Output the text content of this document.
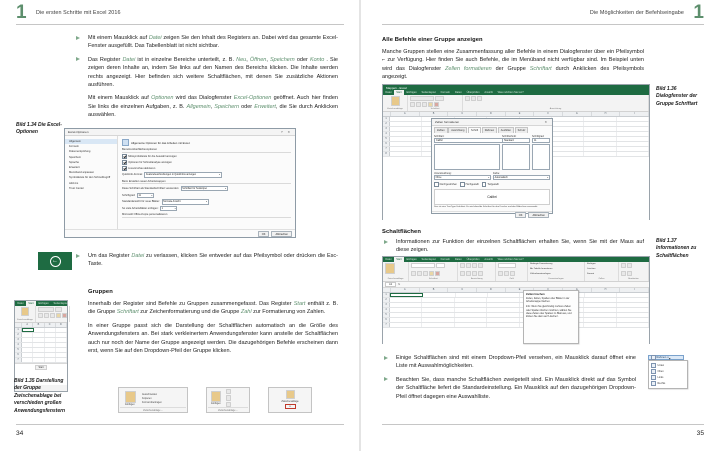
1 Die ersten Schritte mit Excel 2016

Mit einem Mausklick auf Datei zeigen Sie den Inhalt des Registers an. Dabei wird das gesamte Excel-Fenster ausgefüllt. Das Tabellenblatt ist nicht sichtbar.

Das Register Datei ist in einzelne Bereiche unterteilt, z. B. Neu, Öffnen, Speichern oder Konto . Sie zeigen deren Inhalte an, indem Sie links auf den Namen des Bereichs klicken. Die Inhalte werden rechts angezeigt. Hier befinden sich weitere Schaltflächen, mit denen Sie zusätzliche Aktionen ausführen.

Mit einem Mausklick auf Optionen wird das Dialogfenster Excel-Optionen geöffnet. Auch hier finden Sie links die einzelnen Aufgaben, z. B. Allgemein, Speichern oder Erweitert, die Sie durch Anklicken auswählen.

Bild 1.34 Die Excel-Optionen	Excel-Optionen	? ✕
Allgemein
Formeln
Dokumentprüfung
Speichern
Sprache
Erweitert
Menüband anpassen
Symbolleiste für den Schnellzugriff
Add-Ins
Trust Center
Allgemeine Optionen für das Arbeiten mit Excel.
Benutzeroberflächenoptionen
Minisymbolleiste für die Auswahl anzeigen
Optionen für Schnellanalyse anzeigen
Livevorschau aktivieren
QuickInfo-Format: Featurebeschreibungen in QuickInfos anzeigen	▾
Beim Erstellen neuer Arbeitsmappen
Diese Schriftart als Standardschriftart verwenden: Schriftart für Textkörper	▾
Schriftgrad: 11	▾
Standardansicht für neue Blätter: Normale Ansicht	▾
So viele Arbeitsblätter einfügen: 1	▾
Microsoft Office-Kopie personalisieren
OK	Abbrechen
←

Um das Register Datei zu verlassen, klicken Sie entweder auf das Pfeilsymbol oder drücken die Esc-Taste.

Gruppen

Innerhalb der Register sind Befehle zu Gruppen zusammengefasst. Das Register Start enthält z. B. die Gruppe Schriftart zur Zeichenformatierung und die Gruppe Zahl zur Formatierung von Zahlen.

In einer Gruppe passt sich die Darstellung der Schaltflächen automatisch an die Größe des Anwendungsfensters an. Bei stark verkleinertem Anwendungsfenster kann anstelle der Schaltflächen auch nur noch der Name der Gruppe angezeigt werden. Die dazugehörigen Befehle erscheinen dann erst, wenn Sie auf den Dropdown-Pfeil der Gruppe klicken.

Datei	Start	Einfügen	Seitenlayout
Zwischenablage

A	B	C	D
1
2
3
4
5
6
7
Start
Bild 1.35 Darstellung der Gruppe Zwischenablage bei verschieden großen Anwendungsfenstern
Einfügen
Ausschneiden
Kopieren
Format übertragen
Zwischenablage ⌐
Einfügen
Zwischenablage ⌐
Zwischenablage
▾
34
1
Die Möglichkeiten der Befehlseingabe
Alle Befehle einer Gruppe anzeigen

Manche Gruppen stellen eine Zusammenfassung aller Befehle in einem Dialogfenster über ein Pfeilsymbol ⌐ zur Verfügung. Hier finden Sie auch Befehle, die im Menüband nicht verfügbar sind. Im Beispiel unten wird das Dialogfenster Zellen formatieren der Gruppe Schriftart durch Anklicken des Pfeilsymbols angezeigt.

Bild 1.36 Dialogfenster der Gruppe Schriftart
Mappe1 - Excel
Datei	Start	Einfügen	Seitenlayout	Formeln	Daten	Überprüfen	Ansicht	Was möchten Sie tun?
Zwischenablage	Schriftart	Ausrichtung
A	B	C	D	E	F	G	H	I
1
2
3
4
5
6
7
8
Zellen formatieren	✕
Zahlen	Ausrichtung	Schrift	Rahmen	Ausfüllen	Schutz
Schriftart:
Calibri
Schriftschnitt:
Standard
Schriftgrad:
11
Unterstreichung:
Ohne	▾
Farbe:
Automatisch	▾
Durchgestrichen	Hochgestellt	Tiefgestellt
Calibri
Dies ist eine TrueType-Schriftart. Es wird dieselbe Schriftart für den Drucker und den Bildschirm verwendet.
OK	Abbrechen
Schaltflächen

Informationen zur Funktion der einzelnen Schaltflächen erhalten Sie, wenn Sie mit der Maus auf diese zeigen.

Bild 1.37 Informationen zu Schaltflächen
Datei	Start	Einfügen	Seitenlayout	Formeln	Daten	Überprüfen	Ansicht	Was möchten Sie tun?
Zwischenablage	Schriftart	Ausrichtung	Zahl
Bedingte Formatierung
Als Tabelle formatieren
Zellenformatvorlagen
Formatvorlagen
Einfügen
Löschen
Format
Zellen	Bearbeiten
A1	fx
A	B	C	D	E	H	I
1
2
3
4
5
6
7
Zellen löschen
Zeilen, Zellen, Spalten oder Blätter in der Arbeitsmappe löschen.
Info: Wenn Sie gleichzeitig mehrere Zeilen oder Spalten löschen möchten, wählen Sie diese Zeilen oder Spalten im Blatt aus, und klicken Sie dann auf 'Löschen'.

Einige Schaltflächen sind mit einem Dropdown-Pfeil versehen, ein Mausklick darauf öffnet eine Liste mit Auswahlmöglichkeiten.

Beachten Sie, dass manche Schaltflächen zweigeteilt sind. Ein Mausklick direkt auf das Symbol der Schaltfläche liefert die Standardeinstellung. Ein Mausklick auf den dazugehörigen Dropdown-Pfeil öffnet dagegen eine Auswahlliste.

Rahmen ▾
Unten
Oben
Links
Rechts
35
